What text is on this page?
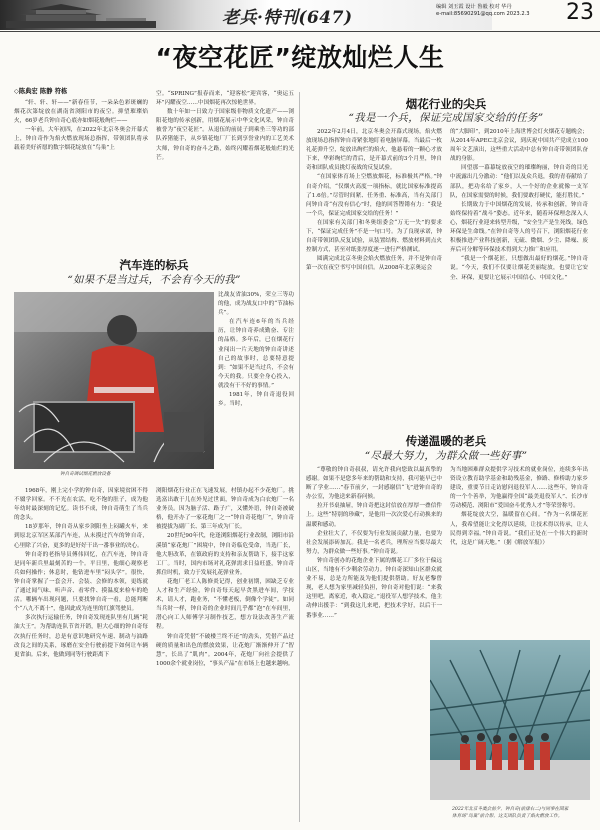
老兵·特刊(647)
编辑 刘玉霞 设计 鲁毅 校对 华丹
e-mail:85690291@qq.com 2023.2.3 23
“夜空花匠”绽放灿烂人生
◇陈典宏 陈静 符栋

“轩、轩、轩——”新春佳节，一朵朵色彩斑斓的烟花次第绽放在湖南省浏阳市的夜空。抑望璀璨焰火，66岁老兵钟自奇心底亦如烟花般绚烂——

一年前，大年初四，在2022年北京冬奥会开幕式上，钟自奇作为焰火燃放现场总指挥，带领团队将承载着美好祈愿的数字烟花绽放在“鸟巢”上

空。“SPRING”报春而来，“迎客松”迎宾客，“奥运五环”闪耀夜空……中国烟花再次惊艳世界。

数十年如一日致力于国家级非物质文化遗产——浏阳花炮的传承创新，用烟花展示中华文化风采，钟自奇被誉为“夜空花匠”。从退伍的前徒子到乘坐三等功的部队养猪能手，从乡镇花炮厂厂长到享誉业内的工艺美术大师，钟自奇的奋斗之路，始终闪耀着烟花般灿烂的光芒。

汽车连的标兵
“如果不是当过兵，不会有今天的我”
钟自奇调试烟花燃放设备

比战友省油30%，荣立三等功的他，成为战友口中的“节油标兵”。

在汽车连6年的当兵经历，让钟自奇养成勤奋、专注的品格。多年后，已在烟花行业闯出一片天地的钟自奇讲述自己的故事时，总要特意提到：“如果不是当过兵，不会有今天的我。只要全身心投入，就没有干不好的事情。”

1981年，钟自奇退役回乡。当时，

1968年，刚上完小学的钟自奇，因家境贫困不得不辍学回家。不不光在农活，吃不饱的肚子，成为他年幼时最深刻的记忆。读书不成，钟自奇萌生了当兵的念头。

18岁那年，钟自奇从家乡浏阳坐上闷罐火车，来到原北京军区某部汽车连，从未摸过汽车的钟自奇，心里除了兴奋，更多的是好好干出一番事业的决心。

钟自奇的老指导员傅伟回忆，在汽车连，钟自奇是同年新兵里最刻苦的一个。平日里，他细心观察老兵如何操作；休息时，他钻进车里“闷头学”。很快，钟自奇掌握了一套会开、会装、会修的本领，更练就了通过闻气味、听声音、看零件、摸温度来检车的绝活。哪辆车出现问题，只要找钟自奇一看，总能判断个“八九不离十”，他因此成为连里的红旗驾驶员。

多次执行运输任务，钟自奇发现连队里有几辆“耗油大王”。为帮助连队节省开销，胆大心细的钟自奇每次执行任务时，总是有意识地研究车速、制动与油路改良之间的关系，琢磨在安全行驶前提下如何让车辆更省油。后来，他做到同等行驶距离下

浏阳烟花行业正在飞速发展，村镇办起不少花炮厂。挑选富出敢于儿在外见过世面，钟自奇成为白衣炮厂一名业务员。因为脑子活、路子广，又懂外语，钟自奇被破格，他开办了一家花炮厂之一“钟自奇花炮厂”，钟自奇被提拔为副厂长、第三年成为厂长。

20世纪90年代，伦逢浏阳烟花行业改制，浏阳市沿溪镇“家花炮厂”困境中，钟自奇临危受命，当选厂长，他大胆改革，在镇政府的支持和亲友帮助下，接手这家工厂。当时，国内市场对礼花弹需求日益旺盛，钟自奇抓住时机，致力于发展礼花弹业务。

花炮厂老工人陈修炎记得，创业初期，困缺乏专业人才和生产经验，钟自奇每天起早贪黑进车间，学技术，请人才，跑业务，“不懂老板，倒像个学徒”。如同当兵时一样，钟自奇的企业时间几乎都“泡”在车间里，潜心向工人师傅学习制作技艺，想方设法改善生产流程。

钟自奇凭借“不破楼兰终不还”的劲头，凭借产品过硬的质量和出色的燃放效果，让花炮厂渐渐伸开了“智慧”，长出了“肌肉”。2004年，花炮厂向社会提供了1000余个就业岗位，“事头产品”在市场上也越来越响。

烟花行业的尖兵
“我是一个兵，保证完成国家交给的任务”

2022年2月4日，北京冬奥会开幕式现场，焰火燃放现场总指挥钟自奇紧张地盯着电脑屏幕。当最后一枚礼花弹升空，绽放出绚烂的焰火，他悬着的一颗心才放下来，华彩绚烂的背后，是开幕式前的3个月里，钟自奇和团队成员挑灯夜战的反复试验。

“在国家体育场上空燃放烟花，标准极其严格。”钟自奇介绍，“仅烟火高度一项指标，就比国家标准提高了1.6倍。”尽管时间紧、任务重、标准高，当有关部门问钟自奇“有没有信心”时，他的回答铿锵有力：“我是一个兵，保证完成国家交给的任务！”

在国家有关部门和冬奥组委会“万无一失”的要求下，“保证完成任务”不是一句口号。为了良现承诺，钟自奇带领团队反复试验，从装置结构、燃放材料到点火控制方式，甚至对纸张厚度逐一进行严格测试。

圆满完成北京冬奥会焰火燃放任务，并不是钟自奇第一次在夜空书写中国自信。从2008年北京奥运会

的“大脚印”，到2010年上海世博会灯火烟花专题晚会；从2014年APEC北京会议，到庆祝中国共产党成立100周年文艺演出，这些重大活动中总有钟自奇带领团队奋战的身影。

回望那一幕幕绽放夜空的璀璨绚丽，钟自奇的目光中流露出几分激动：“他们以及众兵退，我的青春献给了部队，把功名给了家乡，人一个好的企业就像一支军队，在国家需要的时候，我们要敢打硬仗，能打胜仗。”

长期致力于中国烟花的发展，传承和创新，钟自奇始终保持着“战斗”姿态。近年来，随着环保理念深入人心，烟花行业迎来转型升级，“安全生产是生死线，绿色环保是生命线。”在钟自奇等人的号召下，浏阳烟花行业积极推进产业科技创新，无硫、微烟、少尘、降噪、废弃后可分解等环保技术得到大力推广和应用。

“我是一个烟花匠，只想做出最好的烟花。”钟自奇说。“今天，我们不仅要让烟花美丽绽放，也要让它安全、环保，更要让它展示中国信心、中国文化。”

传递温暖的老兵
“尽最大努力，为群众做一些好事”

“尊敬的钟自奇叔叔，请允许我向您致以最真挚的感谢。如果不是您多年来的帮助和支持，我可能早已中断了学业……”春节前夕，一封感谢信“飞”进钟自奇的办公室，为他送来新春问候。

拉开书桌抽屉，钟自奇把这封信放在厚厚一叠信件上。这些“特别的珍藏”，是他用一次次爱心行动换来的温暖和感动。

企业壮大了，不仅要为行业发展贡献力量，也要为社会发展添砖加瓦。我是一名老兵，理所应当要尽最大努力，为群众做一些好事。”钟自奇说。

钟自奇创办的花炮企业下属的烟花工厂多位于偏远山区，当地有不少剩余劳动力。钟自奇深知山区群众就业不易，总是力所能及为他们提供帮助。好友老黎曾现，老人想为家里减轻负担，钟自奇对他们说：“来我这里吧，离家近，收入稳定。”退役军人想学技术，他主动伸出援手：“到我这儿来吧，把技术学好，以后干一番事业……”

为当地困难群众提供学习技术的就业岗位，连续多年出资设立教育助学基金和助残基金，修路、修桥助力家乡建设，重要节日走访慰问退役军人……这些年，钟自奇的一个个善举，为他赢得全国“最美退役军人”、长沙市劳动模范、浏阳市“爱国奋斗优秀人才”等荣誉称号。

烟花绽放大空，温暖留在心间。“作为一名烟花匠人，我希望能让文化得以延续，让技术得以传承，让人民得到幸福。”钟自奇说。“我们正处在一个伟大的新时代，这是广阔天地。”（据《解放军报》）

2022年北京冬奥会前夕，钟自奇(前排右二)与同事在国家
体育场“鸟巢”前合影，这支团队负责了焰火燃放工作。
